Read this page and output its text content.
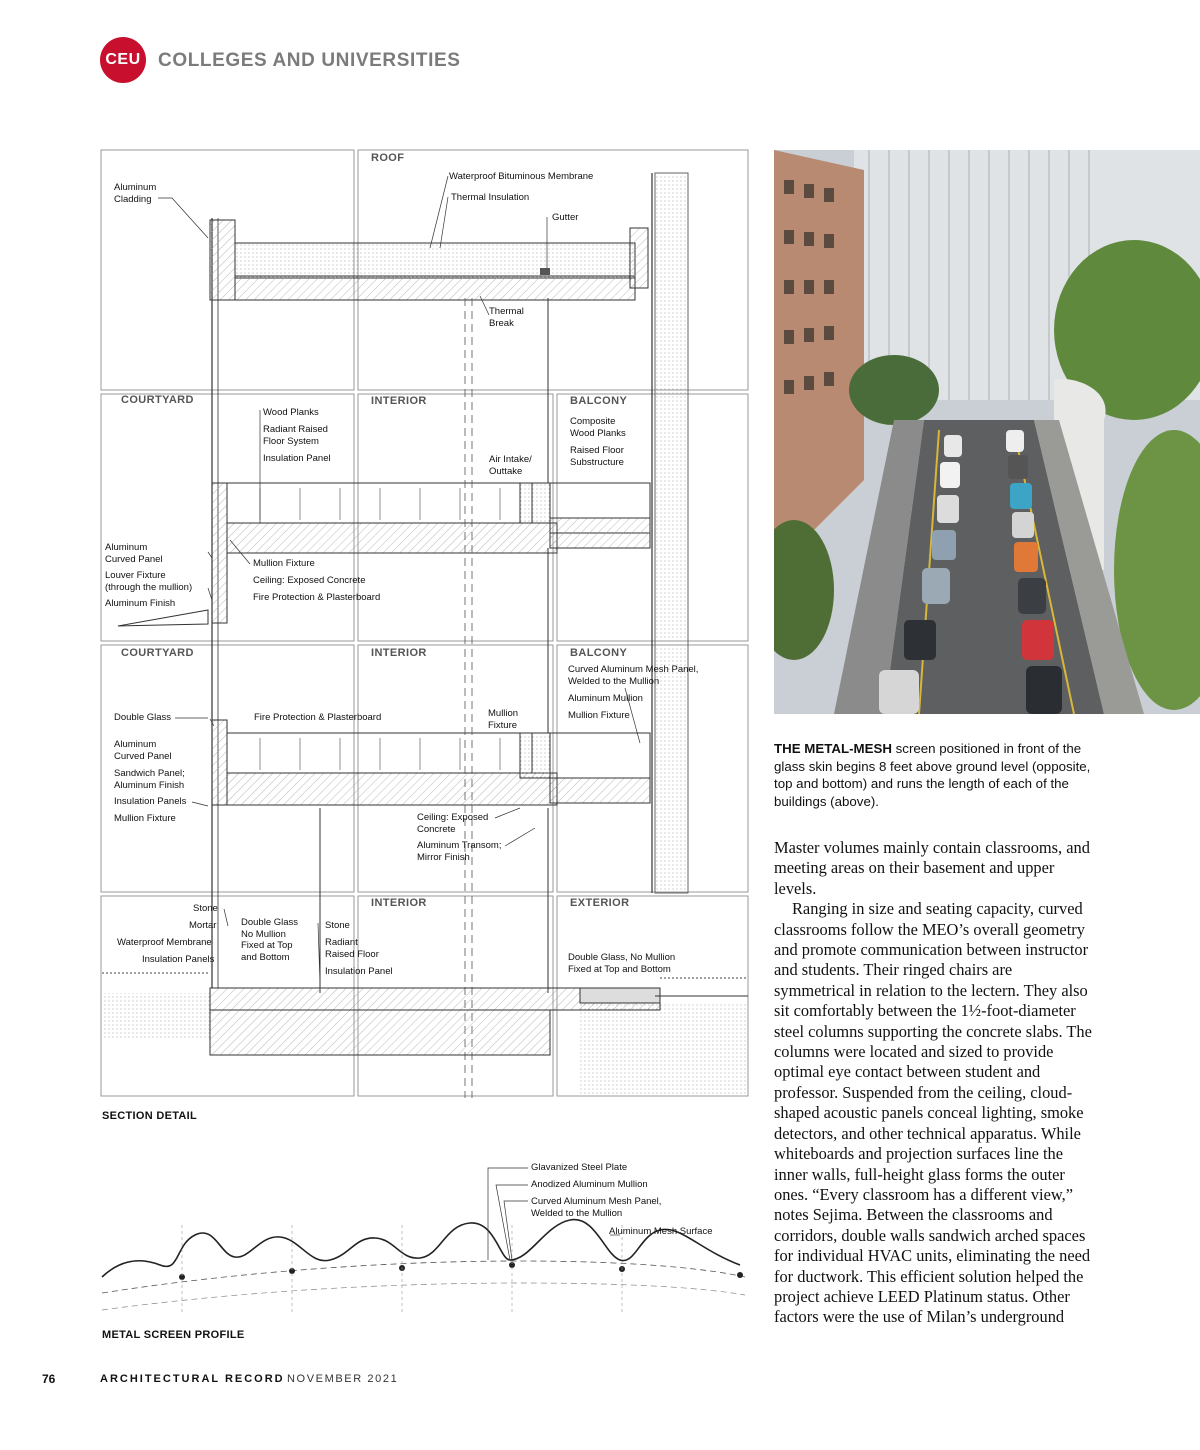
CEU COLLEGES AND UNIVERSITIES
ROOF
COURTYARD	INTERIOR	BALCONY
COURTYARD	INTERIOR	BALCONY
INTERIOR	EXTERIOR
Aluminum
Cladding
Waterproof Bituminous Membrane
Thermal Insulation
Gutter
Thermal
Break
Wood Planks
Radiant Raised
Floor System
Insulation Panel	Air Intake/
Outtake
Composite
Wood Planks
Raised Floor
Substructure
Aluminum
Curved Panel
Louver Fixture
(through the mullion)
Aluminum Finish
Mullion Fixture
Ceiling: Exposed Concrete
Fire Protection & Plasterboard
Curved Aluminum Mesh Panel,
Welded to the Mullion
Aluminum Mullion
Mullion Fixture
Double Glass	Fire Protection & Plasterboard	Mullion
Fixture
Aluminum
Curved Panel
Sandwich Panel;
Aluminum Finish
Insulation Panels
Mullion Fixture	Ceiling: Exposed
Concrete
Aluminum Transom;
Mirror Finish
Stone
Mortar
Waterproof Membrane
Insulation Panels
Double Glass
No Mullion
Fixed at Top
and Bottom
Stone
Radiant
Raised Floor
Insulation Panel
Double Glass, No Mullion
Fixed at Top and Bottom
SECTION DETAIL
Glavanized Steel Plate
Anodized Aluminum Mullion
Curved Aluminum Mesh Panel,
Welded to the Mullion
Aluminum Mesh Surface
METAL SCREEN PROFILE
THE METAL-MESH screen positioned in front of the glass skin begins 8 feet above ground level (opposite, top and bottom) and runs the length of each of the buildings (above).

Master volumes mainly contain classrooms, and meeting areas on their basement and upper levels.

Ranging in size and seating capacity, curved classrooms follow the MEO’s overall geometry and promote communication between instructor and students. Their ringed chairs are symmetrical in relation to the lectern. They also sit comfortably between the 1½-foot-diameter steel columns supporting the concrete slabs. The columns were located and sized to provide optimal eye contact between student and professor. Suspended from the ceiling, cloud-shaped acoustic panels conceal lighting, smoke detectors, and other technical apparatus. While whiteboards and projection surfaces line the inner walls, full-height glass forms the outer ones. “Every classroom has a different view,” notes Sejima. Between the classrooms and corridors, double walls sandwich arched spaces for individual HVAC units, eliminating the need for ductwork. This efficient solution helped the project achieve LEED Platinum status. Other factors were the use of Milan’s underground

76	ARCHITECTURAL RECORD NOVEMBER 2021
